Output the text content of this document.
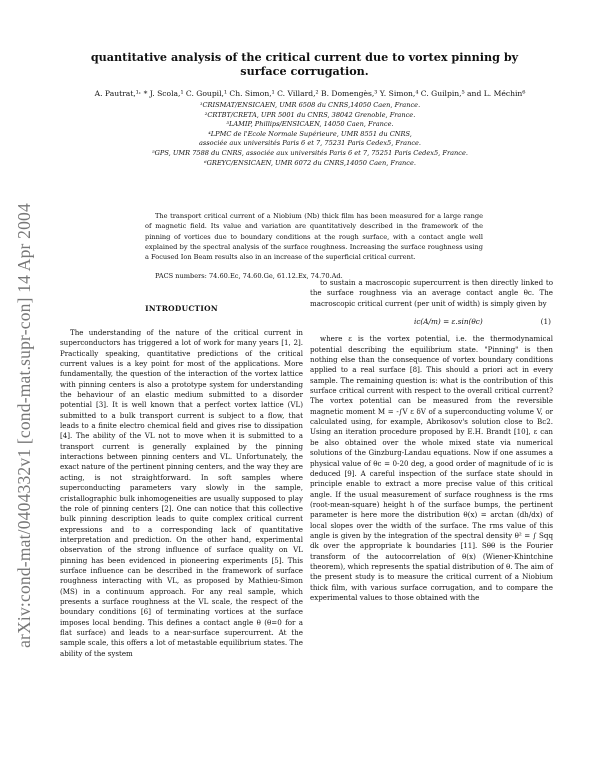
arXiv:cond-mat/0404332v1 [cond-mat.supr-con] 14 Apr 2004
quantitative analysis of the critical current due to vortex pinning by surface corrugation.
A. Pautrat,¹˒ * J. Scola,¹ C. Goupil,¹ Ch. Simon,¹ C. Villard,² B. Domengès,³ Y. Simon,⁴ C. Guilpin,⁵ and L. Méchin⁶
¹CRISMAT/ENSICAEN, UMR 6508 du CNRS,14050 Caen, France.
²CRTBT/CRETA, UPR 5001 du CNRS, 38042 Grenoble, France.
³LAMIP, Phillips/ENSICAEN, 14050 Caen, France.
⁴LPMC de l'Ecole Normale Supérieure, UMR 8551 du CNRS,
associée aux universités Paris 6 et 7, 75231 Paris Cedex5, France.
⁵GPS, UMR 7588 du CNRS, associée aux universités Paris 6 et 7, 75251 Paris Cedex5, France.
⁶GREYC/ENSICAEN, UMR 6072 du CNRS,14050 Caen, France.
The transport critical current of a Niobium (Nb) thick film has been measured for a large range of magnetic field. Its value and variation are quantitatively described in the framework of the pinning of vortices due to boundary conditions at the rough surface, with a contact angle well explained by the spectral analysis of the surface roughness. Increasing the surface roughness using a Focused Ion Beam results also in an increase of the superficial critical current.
PACS numbers: 74.60.Ec, 74.60.Ge, 61.12.Ex, 74.70.Ad.
INTRODUCTION

The understanding of the nature of the critical current in superconductors has triggered a lot of work for many years [1, 2]. Practically speaking, quantitative predictions of the critical current values is a key point for most of the applications. More fundamentally, the question of the interaction of the vortex lattice with pinning centers is also a prototype system for understanding the behaviour of an elastic medium submitted to a disorder potential [3]. It is well known that a perfect vortex lattice (VL) submitted to a bulk transport current is subject to a flow, that leads to a finite electro chemical field and gives rise to dissipation [4]. The ability of the VL not to move when it is submitted to a transport current is generally explained by the pinning interactions between pinning centers and VL. Unfortunately, the exact nature of the pertinent pinning centers, and the way they are acting, is not straightforward. In soft samples where superconducting parameters vary slowly in the sample, cristallographic bulk inhomogeneities are usually supposed to play the role of pinning centers [2]. One can notice that this collective bulk pinning description leads to quite complex critical current expressions and to a corresponding lack of quantitative interpretation and prediction. On the other hand, experimental observation of the strong influence of surface quality on VL pinning has been evidenced in pioneering experiments [5]. This surface influence can be described in the framework of surface roughness interacting with VL, as proposed by Mathieu-Simon (MS) in a continuum approach. For any real sample, which presents a surface roughness at the VL scale, the respect of the boundary conditions [6] of terminating vortices at the surface imposes local bending. This defines a contact angle θ (θ=0 for a flat surface) and leads to a near-surface supercurrent. At the sample scale, this offers a lot of metastable equilibrium states. The ability of the system

to sustain a macroscopic supercurrent is then directly linked to the surface roughness via an average contact angle θc. The macroscopic critical current (per unit of width) is simply given by

ic(A/m) = ε.sin(θc)	(1)

where ε is the vortex potential, i.e. the thermodynamical potential describing the equilibrium state. "Pinning" is then nothing else than the consequence of vortex boundary conditions applied to a real surface [8]. This should a priori act in every sample. The remaining question is: what is the contribution of this surface critical current with respect to the overall critical current? The vortex potential can be measured from the reversible magnetic moment M = -∫V ε δV of a superconducting volume V, or calculated using, for example, Abrikosov's solution close to Bc2. Using an iteration procedure proposed by E.H. Brandt [10], ε can be also obtained over the whole mixed state via numerical solutions of the Ginzburg-Landau equations. Now if one assumes a physical value of θc = 0-20 deg, a good order of magnitude of ic is deduced [9]. A careful inspection of the surface state should in principle enable to extract a more precise value of this critical angle. If the usual measurement of surface roughness is the rms (root-mean-square) height h of the surface bumps, the pertinent parameter is here more the distribution θ(x) = arctan (dh/dx) of local slopes over the width of the surface. The rms value of this angle is given by the integration of the spectral density θ² = ∫ Sqq dk over the appropriate k boundaries [11]. Sθθ is the Fourier transform of the autocorrelation of θ(x) (Wiener-Khintchine theorem), which represents the spatial distribution of θ. The aim of the present study is to measure the critical current of a Niobium thick film, with various surface corrugation, and to compare the experimental values to those obtained with the
